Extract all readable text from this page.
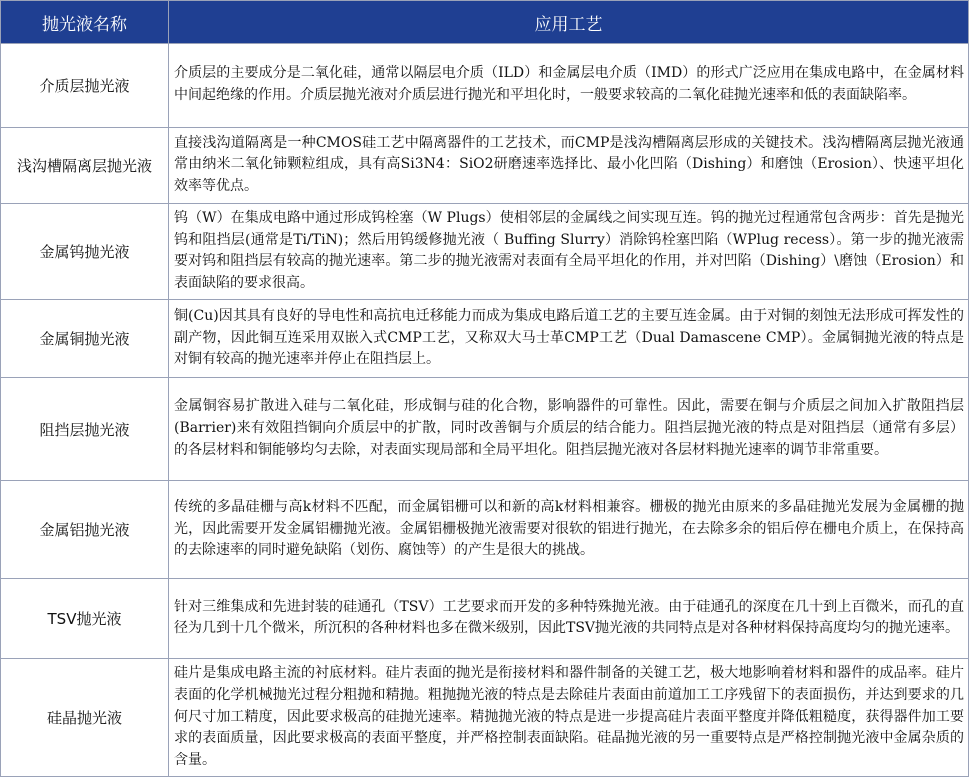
抛光液名称	应用工艺
介质层抛光液	介质层的主要成分是二氧化硅，通常以隔层电介质（ILD）和金属层电介质（IMD）的形式广泛应用在集成电路中，在金属材料中间起绝缘的作用。介质层抛光液对介质层进行抛光和平坦化时，一般要求较高的二氧化硅抛光速率和低的表面缺陷率。
浅沟槽隔离层抛光液	直接浅沟道隔离是一种CMOS硅工艺中隔离器件的工艺技术，而CMP是浅沟槽隔离层形成的关键技术。浅沟槽隔离层抛光液通常由纳米二氧化铈颗粒组成，具有高Si3N4：SiO2研磨速率选择比、最小化凹陷（Dishing）和磨蚀（Erosion）、快速平坦化效率等优点。
金属钨抛光液	钨（W）在集成电路中通过形成钨栓塞（W Plugs）使相邻层的金属线之间实现互连。钨的抛光过程通常包含两步：首先是抛光钨和阻挡层(通常是Ti/TiN)；然后用钨缓修抛光液（ Buffing Slurry）消除钨栓塞凹陷（WPlug recess）。第一步的抛光液需要对钨和阻挡层有较高的抛光速率。第二步的抛光液需对表面有全局平坦化的作用，并对凹陷（Dishing）\磨蚀（Erosion）和表面缺陷的要求很高。
金属铜抛光液	铜(Cu)因其具有良好的导电性和高抗电迁移能力而成为集成电路后道工艺的主要互连金属。由于对铜的刻蚀无法形成可挥发性的副产物，因此铜互连采用双嵌入式CMP工艺，又称双大马士革CMP工艺（Dual Damascene CMP）。金属铜抛光液的特点是对铜有较高的抛光速率并停止在阻挡层上。
阻挡层抛光液	金属铜容易扩散进入硅与二氧化硅，形成铜与硅的化合物，影响器件的可靠性。因此，需要在铜与介质层之间加入扩散阻挡层(Barrier)来有效阻挡铜向介质层中的扩散，同时改善铜与介质层的结合能力。阻挡层抛光液的特点是对阻挡层（通常有多层）的各层材料和铜能够均匀去除，对表面实现局部和全局平坦化。阻挡层抛光液对各层材料抛光速率的调节非常重要。
金属铝抛光液	传统的多晶硅栅与高k材料不匹配，而金属铝栅可以和新的高k材料相兼容。栅极的抛光由原来的多晶硅抛光发展为金属栅的抛光，因此需要开发金属铝栅抛光液。金属铝栅极抛光液需要对很软的铝进行抛光，在去除多余的铝后停在栅电介质上，在保持高的去除速率的同时避免缺陷（划伤、腐蚀等）的产生是很大的挑战。
TSV抛光液	针对三维集成和先进封装的硅通孔（TSV）工艺要求而开发的多种特殊抛光液。由于硅通孔的深度在几十到上百微米，而孔的直径为几到十几个微米，所沉积的各种材料也多在微米级别，因此TSV抛光液的共同特点是对各种材料保持高度均匀的抛光速率。
硅晶抛光液	硅片是集成电路主流的衬底材料。硅片表面的抛光是衔接材料和器件制备的关键工艺，极大地影响着材料和器件的成品率。硅片表面的化学机械抛光过程分粗抛和精抛。粗抛抛光液的特点是去除硅片表面由前道加工工序残留下的表面损伤，并达到要求的几何尺寸加工精度，因此要求极高的硅抛光速率。精抛抛光液的特点是进一步提高硅片表面平整度并降低粗糙度，获得器件加工要求的表面质量，因此要求极高的表面平整度，并严格控制表面缺陷。硅晶抛光液的另一重要特点是严格控制抛光液中金属杂质的含量。
